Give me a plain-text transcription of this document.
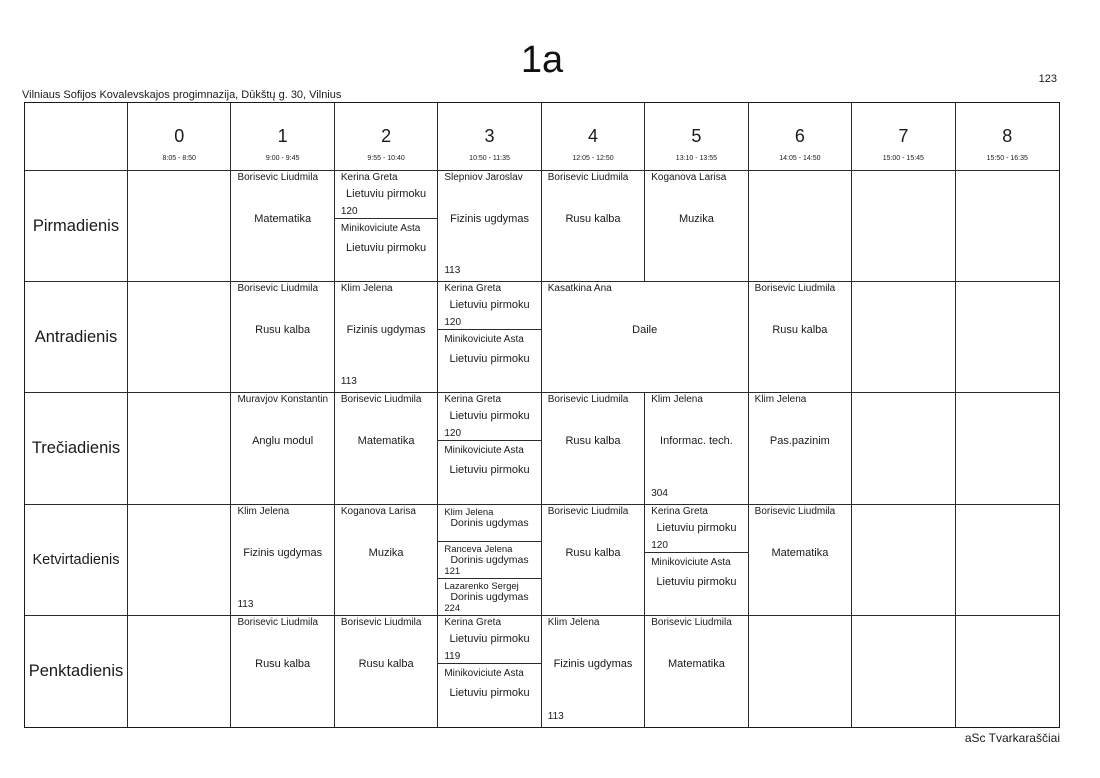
1a	123
Vilniaus Sofijos Kovalevskajos progimnazija, Dūkštų g. 30, Vilnius
0
8:05 - 8:50
1
9:00 - 9:45
2
9:55 - 10:40
3
10:50 - 11:35
4
12:05 - 12:50
5
13:10 - 13:55
6
14:05 - 14:50
7
15:00 - 15:45
8
15:50 - 16:35
Pirmadienis
Borisevic Liudmila
Matematika
Kerina Greta
Lietuviu pirmoku
120
Minikoviciute Asta
Lietuviu pirmoku
Slepniov Jaroslav
Fizinis ugdymas
113
Borisevic Liudmila
Rusu kalba
Koganova Larisa
Muzika
Antradienis
Borisevic Liudmila
Rusu kalba
Klim Jelena
Fizinis ugdymas
113
Kerina Greta
Lietuviu pirmoku
120
Minikoviciute Asta
Lietuviu pirmoku
Kasatkina Ana
Daile
Borisevic Liudmila
Rusu kalba
Trečiadienis
Muravjov Konstantin
Anglu modul
Borisevic Liudmila
Matematika
Kerina Greta
Lietuviu pirmoku
120
Minikoviciute Asta
Lietuviu pirmoku
Borisevic Liudmila
Rusu kalba
Klim Jelena
Informac. tech.
304
Klim Jelena
Pas.pazinim
Ketvirtadienis
Klim Jelena
Fizinis ugdymas
113
Koganova Larisa
Muzika
Klim Jelena
Dorinis ugdymas
Ranceva Jelena
Dorinis ugdymas
121
Lazarenko Sergej
Dorinis ugdymas
224
Borisevic Liudmila
Rusu kalba
Kerina Greta
Lietuviu pirmoku
120
Minikoviciute Asta
Lietuviu pirmoku
Borisevic Liudmila
Matematika
Penktadienis
Borisevic Liudmila
Rusu kalba
Borisevic Liudmila
Rusu kalba
Kerina Greta
Lietuviu pirmoku
119
Minikoviciute Asta
Lietuviu pirmoku
Klim Jelena
Fizinis ugdymas
113
Borisevic Liudmila
Matematika
aSc Tvarkaraščiai
